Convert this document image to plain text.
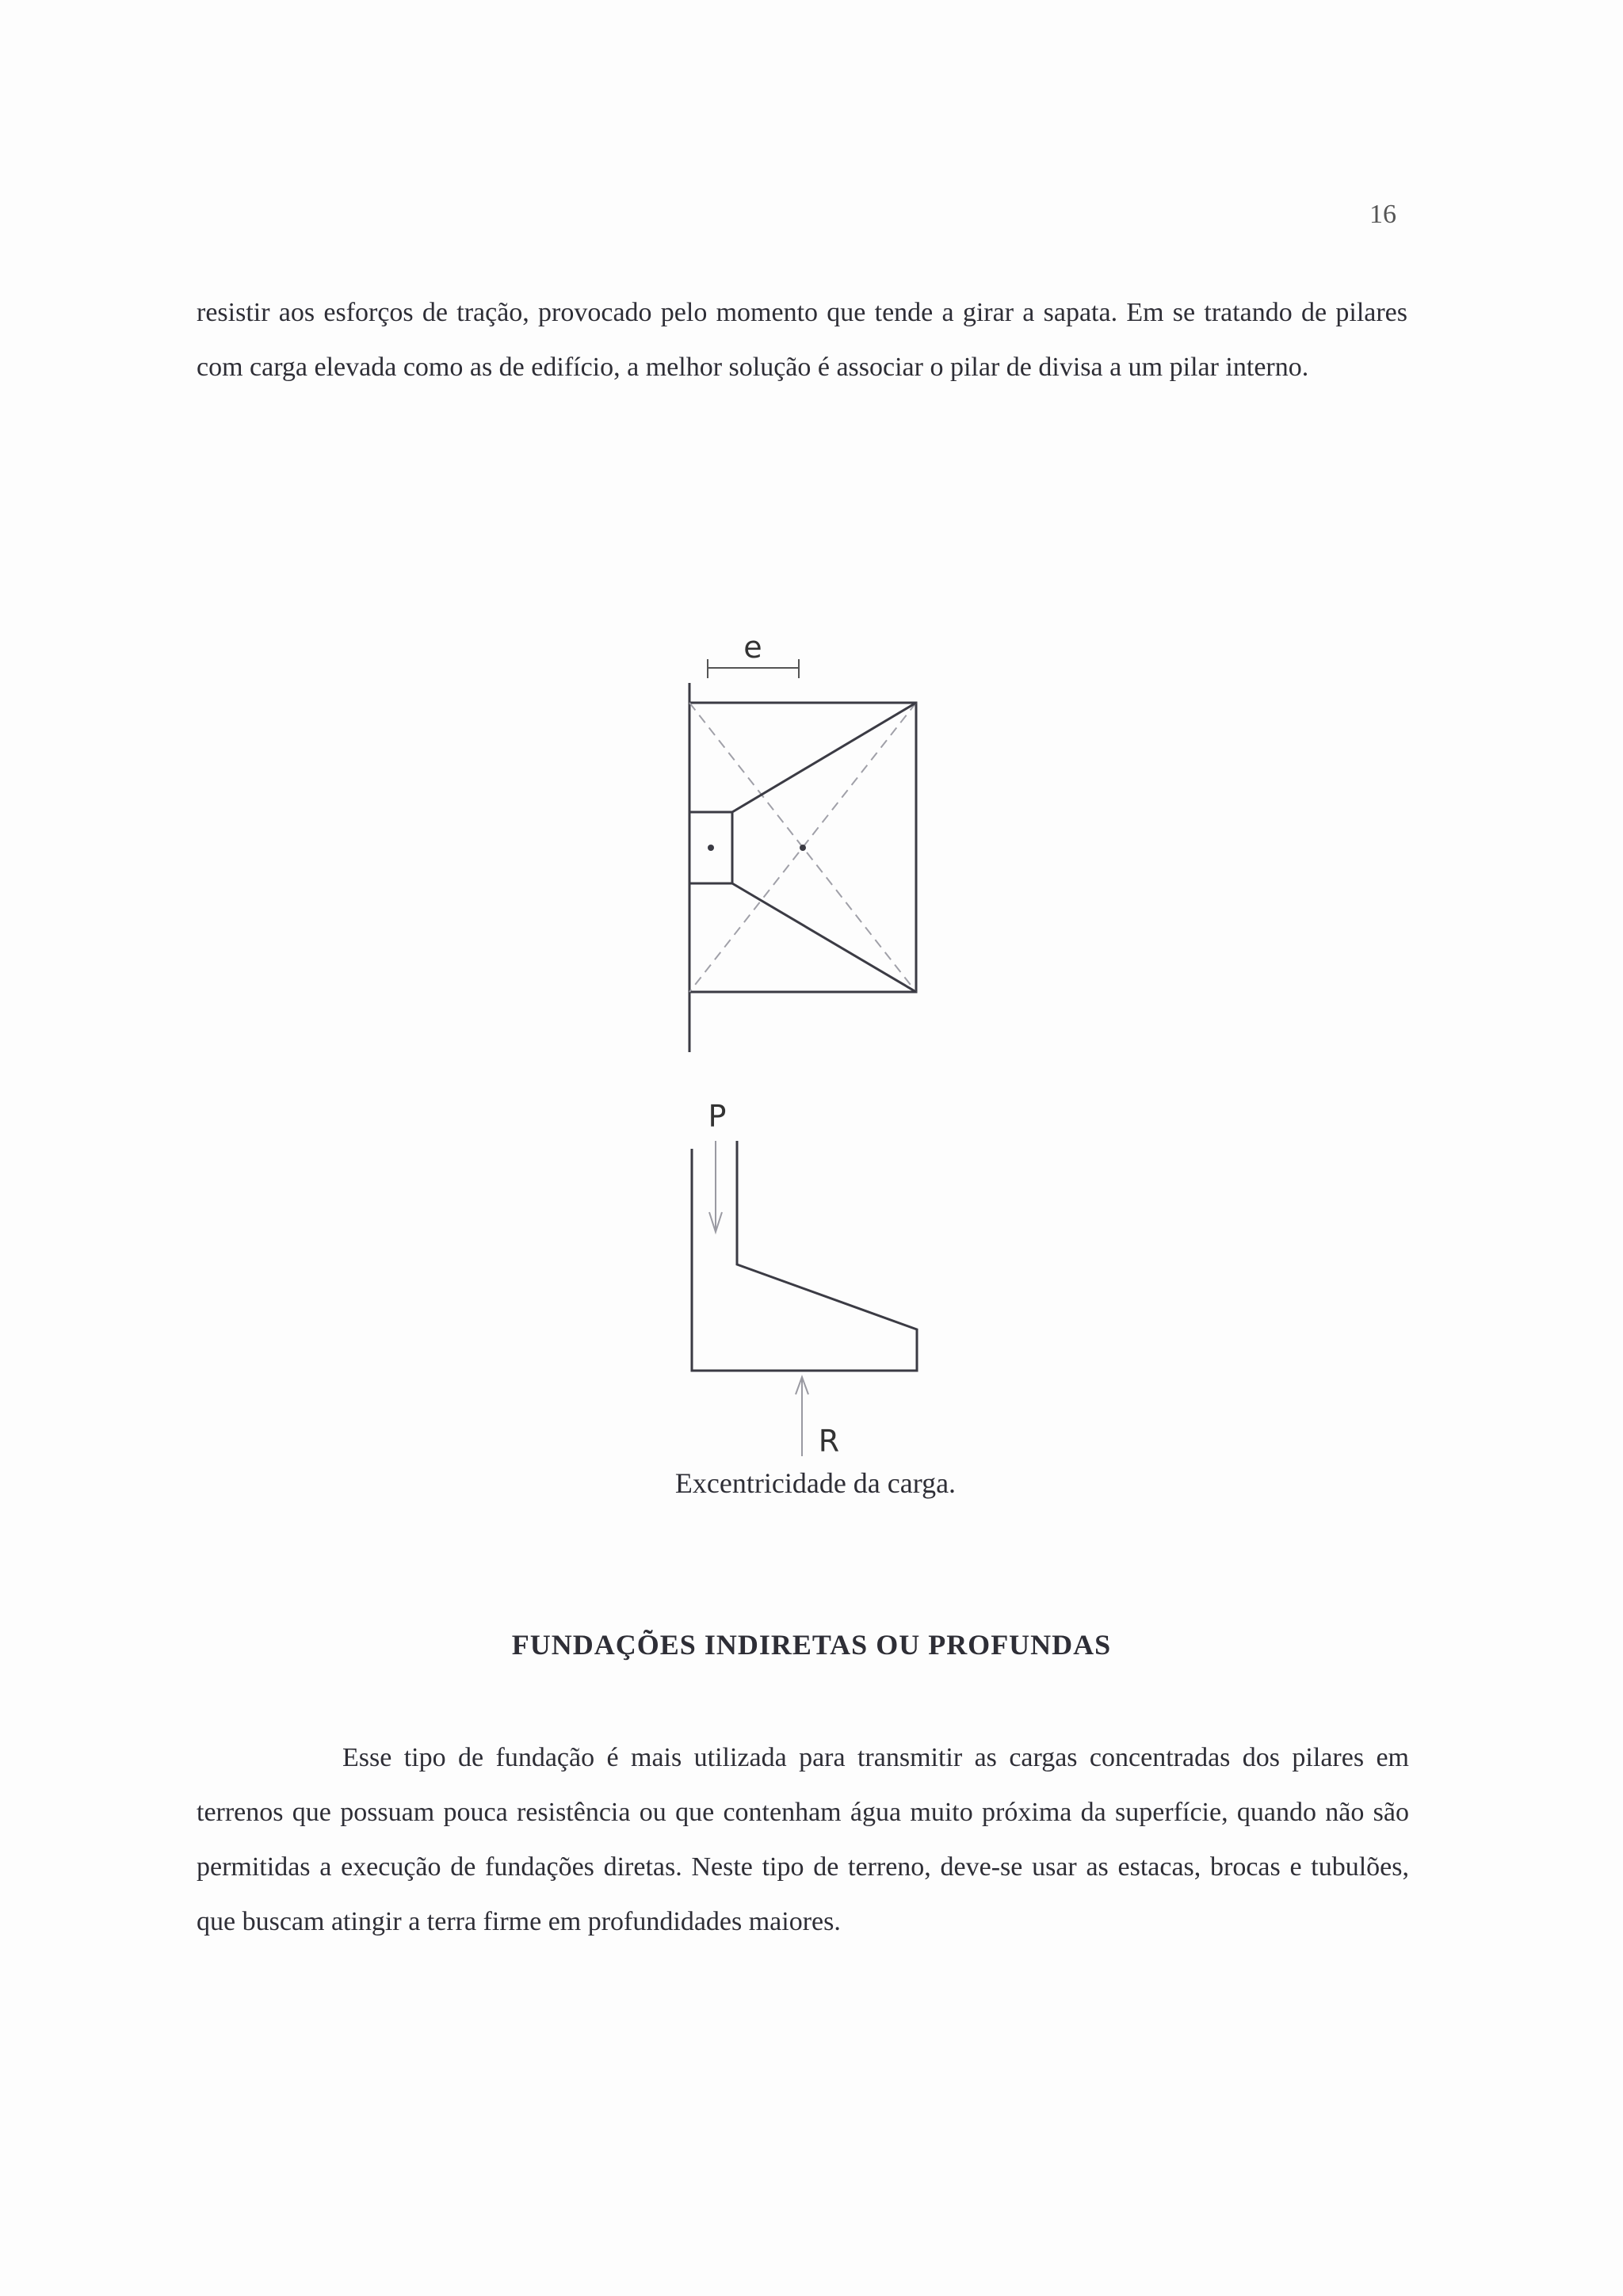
16

resistir aos esforços de tração, provocado pelo momento que tende a girar a sapata. Em se tratando de pilares com carga elevada como as de edifício, a melhor solução é associar o pilar de divisa a um pilar interno.

e
P
R
Excentricidade da carga.
FUNDAÇÕES INDIRETAS OU PROFUNDAS

Esse tipo de fundação é mais utilizada para transmitir as cargas concentradas dos pilares em terrenos que possuam pouca resistência ou que contenham água muito próxima da superfície, quando não são permitidas a execução de fundações diretas. Neste tipo de terreno, deve-se usar as estacas, brocas e tubulões, que buscam atingir a terra firme em profundidades maiores.
